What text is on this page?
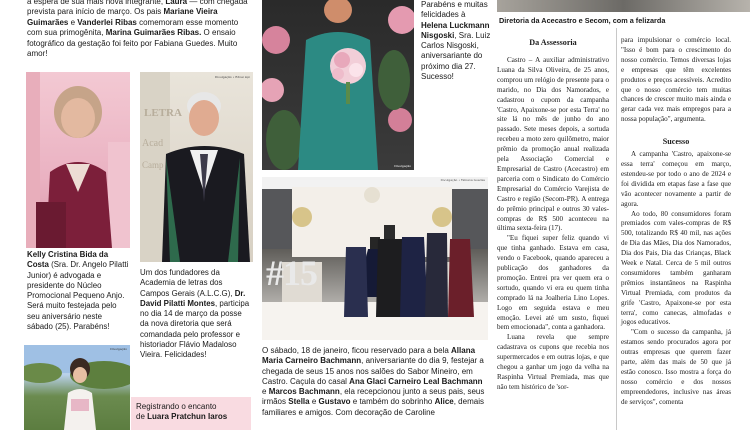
a espera de sua mais nova integrante, Laura — com chegada prevista para início de março. Os pais Mariane Vieira Guimarães e Vanderlei Ribas comemoram esse momento com sua primogênita, Marina Guimarães Ribas. O ensaio fotográfico da gestação foi feito por Fabiana Guedes. Muito amor!
Kelly Cristina Bida da Costa (Sra. Dr. Angelo Pilatti Junior) é advogada e presidente do Núcleo Promocional Pequeno Anjo. Será muito festejada pelo seu aniversário neste sábado (25). Parabéns!
Divulgação
LETRA
Acad
Camp
Divulgação • Ednei Lipi
Um dos fundadores da Academia de letras dos Campos Gerais (A.L.C.G), Dr. David Pilatti Montes, participa no dia 14 de março da posse da nova diretoria que será comandada pelo professor e historiador Flávio Madaloso Vieira. Felicidades!
Registrando o encanto
de Luara Pratchun Iaros
Divulgação
Parabéns e muitas felicidades à Helena Luckmann Nisgoski, Sra. Luiz Carlos Nisgoski, aniversariante do próximo dia 27. Sucesso!
#15
Divulgação • Fabiana Guedes
O sábado, 18 de janeiro, ficou reservado para a bela Allana Maria Carneiro Bachmann, aniversariante do dia 9, festejar a chegada de seus 15 anos nos salões do Sabor Mineiro, em Castro. Caçula do casal Ana Glaci Carneiro Leal Bachmann e Marcos Bachmann, ela recepcionou junto a seus pais, seus irmãos Stella e Gustavo e também do sobrinho Alice, demais familiares e amigos. Com decoração de Caroline
Diretoria da Acecastro e Secom, com a felizarda
Da Assessoria

Castro – A auxiliar administrativo Luana da Silva Oliveira, de 25 anos, comprou um relógio de presente para o marido, no Dia dos Namorados, e cadastrou o cupom da campanha 'Castro, Apaixone-se por esta Terra' no site lá no mês de junho do ano passado. Sete meses depois, a sortuda recebeu a moto zero quilômetro, maior prêmio da promoção anual realizada pela Associação Comercial e Empresarial de Castro (Acecastro) em parceria com o Sindicato do Comércio Empresarial do Comércio Varejista de Castro e região (Secom-PR). A entrega do prêmio principal e outros 30 vales-compras de R$ 500 aconteceu na última sexta-feira (17).

"Eu fiquei super feliz quando vi que tinha ganhado. Estava em casa, vendo o Facebook, quando apareceu a publicação dos ganhadores da promoção. Entrei pra ver quem era o sortudo, quando vi era eu quem tinha comprado lá na Joalheria Lino Lopes. Logo em seguida estava e meu emoção. Levei até um susto, fiquei bem emocionada", conta a ganhadora.

Luana revela que sempre cadastrava os cupons que recebia nos supermercados e em outras lojas, e que chegou a ganhar um jogo da velha na Raspinha Virtual Premiada, mas que não tem histórico de 'sor-

para impulsionar o comércio local. "Isso é bom para o crescimento do nosso comércio. Temos diversas lojas e empresas que têm excelentes produtos e preços acessíveis. Acredito que o nosso comércio tem muitas chances de crescer muito mais ainda e gerar cada vez mais empregos para a nossa população", argumenta.

Sucesso

A campanha 'Castro, apaixone-se essa terra' começou em março, estendeu-se por todo o ano de 2024 e foi dividida em etapas fase a fase que vão acontecer novamente a partir de agora.

Ao todo, 80 consumidores foram premiados com vales-compras de R$ 500, totalizando R$ 40 mil, nas ações de Dia das Mães, Dia dos Namorados, Dia dos Pais, Dia das Crianças, Black Week e Natal. Cerca de 5 mil outros consumidores também ganharam prêmios instantâneos na Raspinha Virtual Premiada, com produtos da grife 'Castro, Apaixone-se por esta terra', como canecas, almofadas e jogos educativos.

"Com o sucesso da campanha, já estamos sendo procurados agora por outras empresas que querem fazer parte, além das mais de 50 que já estão conosco. Isso mostra a força do nosso comércio e dos nossos empreendedores, inclusive nas áreas de serviços", comenta
